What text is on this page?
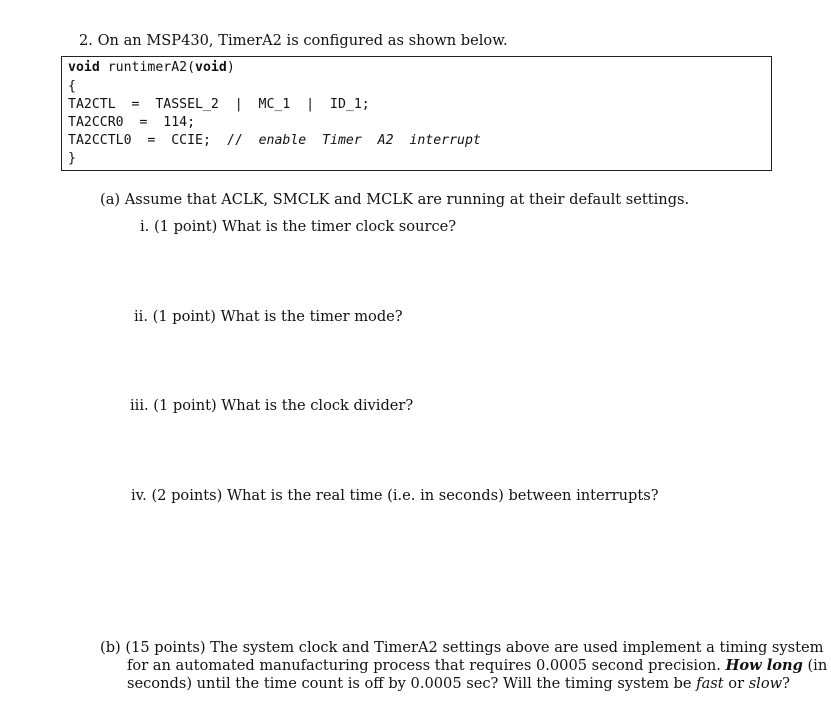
2. On an MSP430, TimerA2 is configured as shown below.
void runtimerA2(void)
{
TA2CTL  =  TASSEL_2  |  MC_1  |  ID_1;
TA2CCR0  =  114;
TA2CCTL0  =  CCIE;  //  enable  Timer  A2  interrupt
}
(a) Assume that ACLK, SMCLK and MCLK are running at their default settings.
i. (1 point) What is the timer clock source?
ii. (1 point) What is the timer mode?
iii. (1 point) What is the clock divider?
iv. (2 points) What is the real time (i.e. in seconds) between interrupts?
(b) (15 points) The system clock and TimerA2 settings above are used implement a timing system
for an automated manufacturing process that requires 0.0005 second precision. How long (in
seconds) until the time count is off by 0.0005 sec? Will the timing system be fast or slow?
